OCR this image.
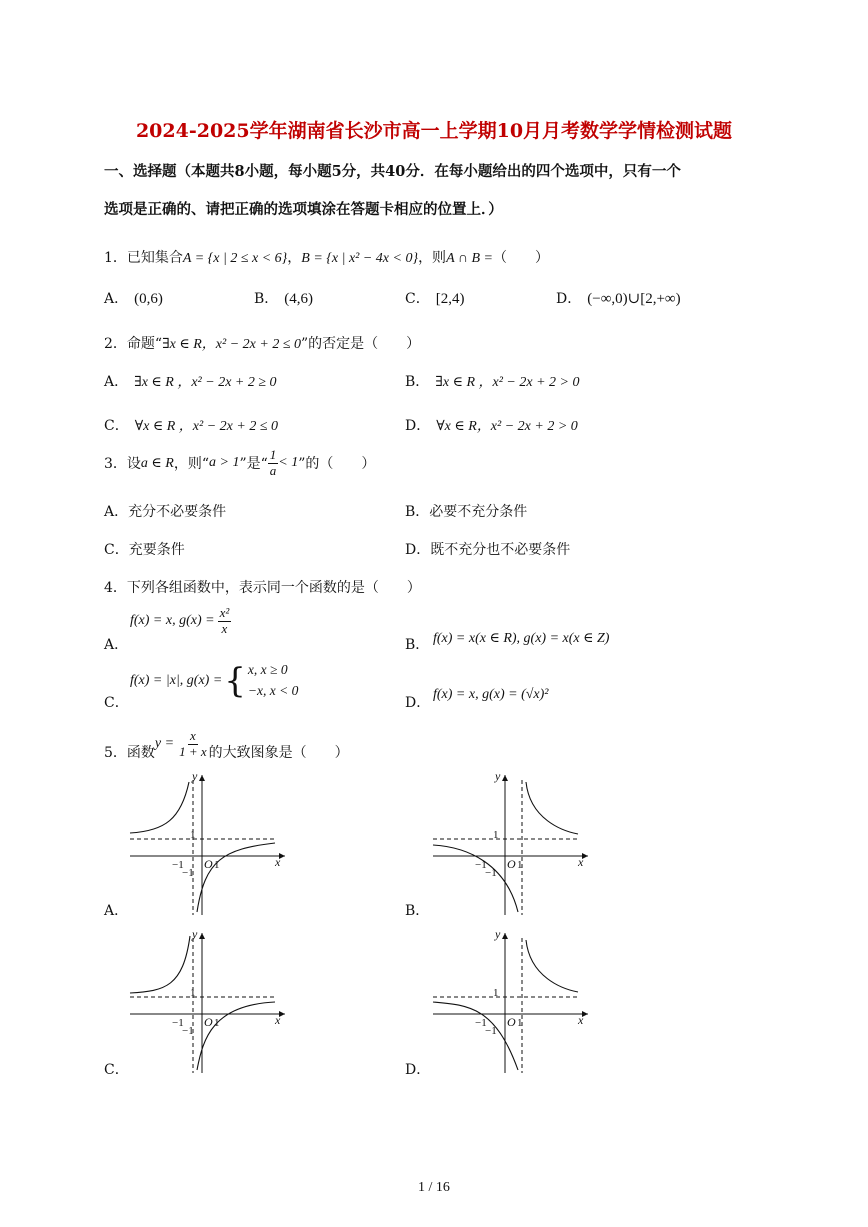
2024-2025学年湖南省长沙市高一上学期10月月考数学学情检测试题
一、选择题（本题共8小题，每小题5分，共40分．在每小题给出的四个选项中，只有一个
选项是正确的、请把正确的选项填涂在答题卡相应的位置上．）
1．已知集合A = {x | 2 ≤ x < 6}，B = {x | x² − 4x < 0}，则A ∩ B =（　　）
A． (0,6)	B． (4,6)	C． [2,4)	D． (−∞,0)∪[2,+∞)
2．命题“∃x ∈ R，x² − 2x + 2 ≤ 0”的否定是（　　）
A． ∃x ∈ R ，x² − 2x + 2 ≥ 0	B． ∃x ∈ R ，x² − 2x + 2 > 0
C． ∀x ∈ R ，x² − 2x + 2 ≤ 0	D． ∀x ∈ R，x² − 2x + 2 > 0
3．设 a ∈ R ，则“ a > 1 ”是“ $\frac{1}{a} < 1$ ”的（　　）
A．充分不必要条件	B．必要不充分条件
C．充要条件	D．既不充分也不必要条件
4．下列各组函数中，表示同一个函数的是（　　）
A．
f(x) = x, $g(x) = \frac{\text{x²}}{x}$
B． f(x) = x(x ∈ R), g(x) = x(x ∈ Z)
C．
f(x) = |x|, g(x) = { x, x ≥ 0
−x, x < 0
D．
f(x) = x, g(x) = (√x)²
5．函数
$y = \frac{x}{1 + x}$ 的大致图象是（　　）
y
x
O
1
−1	1
−1
A．
y
x
O
1
−1	1
−1
B．
y
x
O
1
−1	1
−1
C．
y
x
O
1
−1	1
−1
D．
1 / 16
